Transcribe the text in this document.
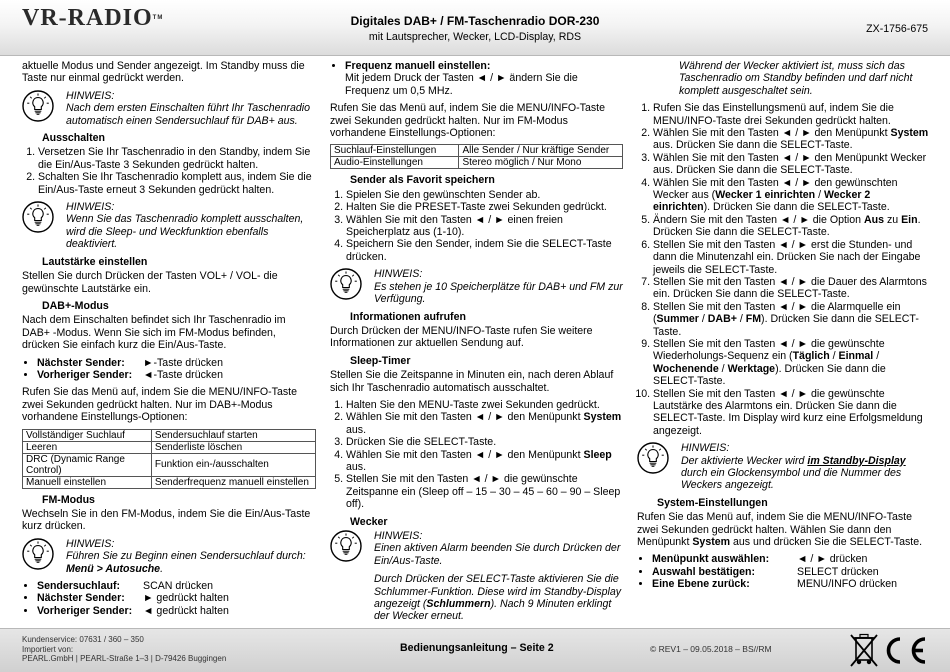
VR-RADIO™	Digitales DAB+ / FM-Taschenradio DOR-230
mit Lautsprecher, Wecker, LCD-Display, RDS
ZX-1756-675

aktuelle Modus und Sender angezeigt. Im Standby muss die Taste nur einmal gedrückt werden.

HINWEIS:
Nach dem ersten Einschalten führt Ihr Taschenradio automatisch einen Sendersuchlauf für DAB+ aus.
Ausschalten
1. Versetzen Sie Ihr Taschenradio in den Standby, indem Sie die Ein/Aus-Taste 3 Sekunden gedrückt halten.
2. Schalten Sie Ihr Taschenradio komplett aus, indem Sie die Ein/Aus-Taste erneut 3 Sekunden gedrückt halten.
HINWEIS:
Wenn Sie das Taschenradio komplett ausschalten, wird die Sleep- und Weckfunktion ebenfalls deaktiviert.
Lautstärke einstellen

Stellen Sie durch Drücken der Tasten VOL+ / VOL- die gewünschte Lautstärke ein.

DAB+-Modus

Nach dem Einschalten befindet sich Ihr Taschenradio im DAB+ -Modus. Wenn Sie sich im FM-Modus befinden, drücken Sie einfach kurz die Ein/Aus-Taste.

• Nächster Sender: ►-Taste drücken
• Vorheriger Sender: ◄-Taste drücken

Rufen Sie das Menü auf, indem Sie die MENU/INFO-Taste zwei Sekunden gedrückt halten. Nur im DAB+-Modus vorhandene Einstellungs-Optionen:

Vollständiger Suchlauf	Sendersuchlauf starten
Leeren	Senderliste löschen
DRC (Dynamic Range Control)	Funktion ein-/ausschalten
Manuell einstellen	Senderfrequenz manuell einstellen
FM-Modus

Wechseln Sie in den FM-Modus, indem Sie die Ein/Aus-Taste kurz drücken.

HINWEIS:
Führen Sie zu Beginn einen Sendersuchlauf durch: Menü > Autosuche.
• Sendersuchlauf: SCAN drücken
• Nächster Sender: ► gedrückt halten
• Vorheriger Sender: ◄ gedrückt halten
• Frequenz manuell einstellen:
Mit jedem Druck der Tasten ◄ / ► ändern Sie die Frequenz um 0,5 MHz.

Rufen Sie das Menü auf, indem Sie die MENU/INFO-Taste zwei Sekunden gedrückt halten. Nur im FM-Modus vorhandene Einstellungs-Optionen:

Suchlauf-Einstellungen	Alle Sender / Nur kräftige Sender
Audio-Einstellungen	Stereo möglich / Nur Mono
Sender als Favorit speichern
1. Spielen Sie den gewünschten Sender ab.
2. Halten Sie die PRESET-Taste zwei Sekunden gedrückt.
3. Wählen Sie mit den Tasten ◄ / ► einen freien Speicherplatz aus (1-10).
4. Speichern Sie den Sender, indem Sie die SELECT-Taste drücken.
HINWEIS:
Es stehen je 10 Speicherplätze für DAB+ und FM zur Verfügung.
Informationen aufrufen

Durch Drücken der MENU/INFO-Taste rufen Sie weitere Informationen zur aktuellen Sendung auf.

Sleep-Timer

Stellen Sie die Zeitspanne in Minuten ein, nach deren Ablauf sich Ihr Taschenradio automatisch ausschaltet.

1. Halten Sie den MENU-Taste zwei Sekunden gedrückt.
2. Wählen Sie mit den Tasten ◄ / ► den Menüpunkt System aus.
3. Drücken Sie die SELECT-Taste.
4. Wählen Sie mit den Tasten ◄ / ► den Menüpunkt Sleep aus.
5. Stellen Sie mit den Tasten ◄ / ► die gewünschte Zeitspanne ein (Sleep off – 15 – 30 – 45 – 60 – 90 – Sleep off).
Wecker
HINWEIS:
Einen aktiven Alarm beenden Sie durch Drücken der Ein/Aus-Taste.
Durch Drücken der SELECT-Taste aktivieren Sie die Schlummer-Funktion. Diese wird im Standby-Display angezeigt (Schlummern). Nach 9 Minuten erklingt der Wecker erneut.
Während der Wecker aktiviert ist, muss sich das Taschenradio om Standby befinden und darf nicht komplett ausgeschaltet sein.
1. Rufen Sie das Einstellungsmenü auf, indem Sie die MENU/INFO-Taste drei Sekunden gedrückt halten.
2. Wählen Sie mit den Tasten ◄ / ► den Menüpunkt System aus. Drücken Sie dann die SELECT-Taste.
3. Wählen Sie mit den Tasten ◄ / ► den Menüpunkt Wecker aus. Drücken Sie dann die SELECT-Taste.
4. Wählen Sie mit den Tasten ◄ / ► den gewünschten Wecker aus (Wecker 1 einrichten / Wecker 2 einrichten). Drücken Sie dann die SELECT-Taste.
5. Ändern Sie mit den Tasten ◄ / ► die Option Aus zu Ein. Drücken Sie dann die SELECT-Taste.
6. Stellen Sie mit den Tasten ◄ / ► erst die Stunden- und dann die Minutenzahl ein. Drücken Sie nach der Eingabe jeweils die SELECT-Taste.
7. Stellen Sie mit den Tasten ◄ / ► die Dauer des Alarmtons ein. Drücken Sie dann die SELECT-Taste.
8. Stellen Sie mit den Tasten ◄ / ► die Alarmquelle ein (Summer / DAB+ / FM). Drücken Sie dann die SELECT-Taste.
9. Stellen Sie mit den Tasten ◄ / ► die gewünschte Wiederholungs-Sequenz ein (Täglich / Einmal / Wochenende / Werktage). Drücken Sie dann die SELECT-Taste.
10. Stellen Sie mit den Tasten ◄ / ► die gewünschte Lautstärke des Alarmtons ein. Drücken Sie dann die SELECT-Taste. Im Display wird kurz eine Erfolgsmeldung angezeigt.
HINWEIS:
Der aktivierte Wecker wird im Standby-Display durch ein Glockensymbol und die Nummer des Weckers angezeigt.
System-Einstellungen

Rufen Sie das Menü auf, indem Sie die MENU/INFO-Taste zwei Sekunden gedrückt halten. Wählen Sie dann den Menüpunkt System aus und drücken Sie die SELECT-Taste.

• Menüpunkt auswählen:	◄ / ► drücken
• Auswahl bestätigen:	SELECT drücken
• Eine Ebene zurück:	MENU/INFO drücken
Kundenservice: 07631 / 360 – 350
Importiert von:
PEARL.GmbH | PEARL-Straße 1–3 | D-79426 Buggingen
Bedienungsanleitung – Seite 2	© REV1 – 09.05.2018 – BS//RM
